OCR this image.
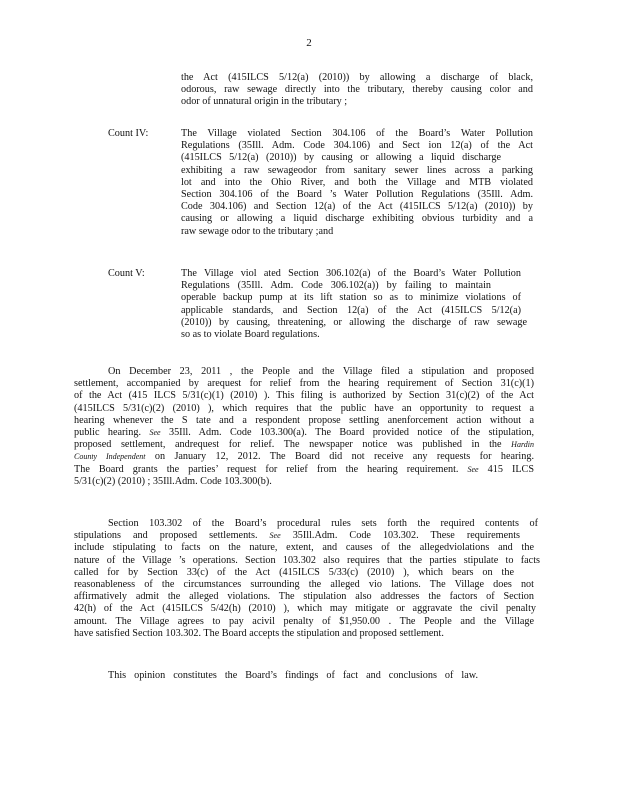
2
the Act (415ILCS 5/12(a) (2010)) by allowing a discharge of black,
odorous, raw sewage directly into the tributary, thereby causing color and
odor of unnatural origin in the tributary ;
Count IV:	The Village violated Section 304.106 of the Board’s Water Pollution
Regulations (35Ill. Adm. Code 304.106) and Sect ion 12(a) of the Act
(415ILCS 5/12(a) (2010)) by causing or allowing a liquid discharge
exhibiting a raw sewageodor from sanitary sewer lines across a parking
lot and into the Ohio River, and both the Village and MTB violated
Section 304.106 of the Board ’s Water Pollution Regulations (35Ill. Adm.
Code 304.106) and Section 12(a) of the Act (415ILCS 5/12(a) (2010)) by
causing or allowing a liquid discharge exhibiting obvious turbidity and a
raw sewage odor to the tributary ;and
Count V:	The Village viol ated Section 306.102(a) of the Board’s Water Pollution
Regulations (35Ill. Adm. Code 306.102(a)) by failing to maintain
operable backup pump at its lift station so as to minimize violations of
applicable standards, and Section 12(a) of the Act (415ILCS 5/12(a)
(2010)) by causing, threatening, or allowing the discharge of raw sewage
so as to violate Board regulations.
On December 23, 2011 , the People and the Village filed a stipulation and proposed
settlement, accompanied by arequest for relief from the hearing requirement of Section 31(c)(1)
of the Act (415 ILCS 5/31(c)(1) (2010) ). This filing is authorized by Section 31(c)(2) of the Act
(415ILCS 5/31(c)(2) (2010) ), which requires that the public have an opportunity to request a
hearing whenever the S tate and a respondent propose settling anenforcement action without a
public hearing. See 35Ill. Adm. Code 103.300(a). The Board provided notice of the stipulation,
proposed settlement, andrequest for relief. The newspaper notice was published in the Hardin
County Independent on January 12, 2012. The Board did not receive any requests for hearing.
The Board grants the parties’ request for relief from the hearing requirement. See 415 ILCS
5/31(c)(2) (2010) ; 35Ill.Adm. Code 103.300(b).
Section 103.302 of the Board’s procedural rules sets forth the required contents of
stipulations and proposed settlements. See 35Ill.Adm. Code 103.302. These requirements
include stipulating to facts on the nature, extent, and causes of the allegedviolations and the
nature of the Village ’s operations. Section 103.302 also requires that the parties stipulate to facts
called for by Section 33(c) of the Act (415ILCS 5/33(c) (2010) ), which bears on the
reasonableness of the circumstances surrounding the alleged vio lations. The Village does not
affirmatively admit the alleged violations. The stipulation also addresses the factors of Section
42(h) of the Act (415ILCS 5/42(h) (2010) ), which may mitigate or aggravate the civil penalty
amount. The Village agrees to pay acivil penalty of $1,950.00 . The People and the Village
have satisfied Section 103.302. The Board accepts the stipulation and proposed settlement.
This opinion constitutes the Board’s findings of fact and conclusions of law.
